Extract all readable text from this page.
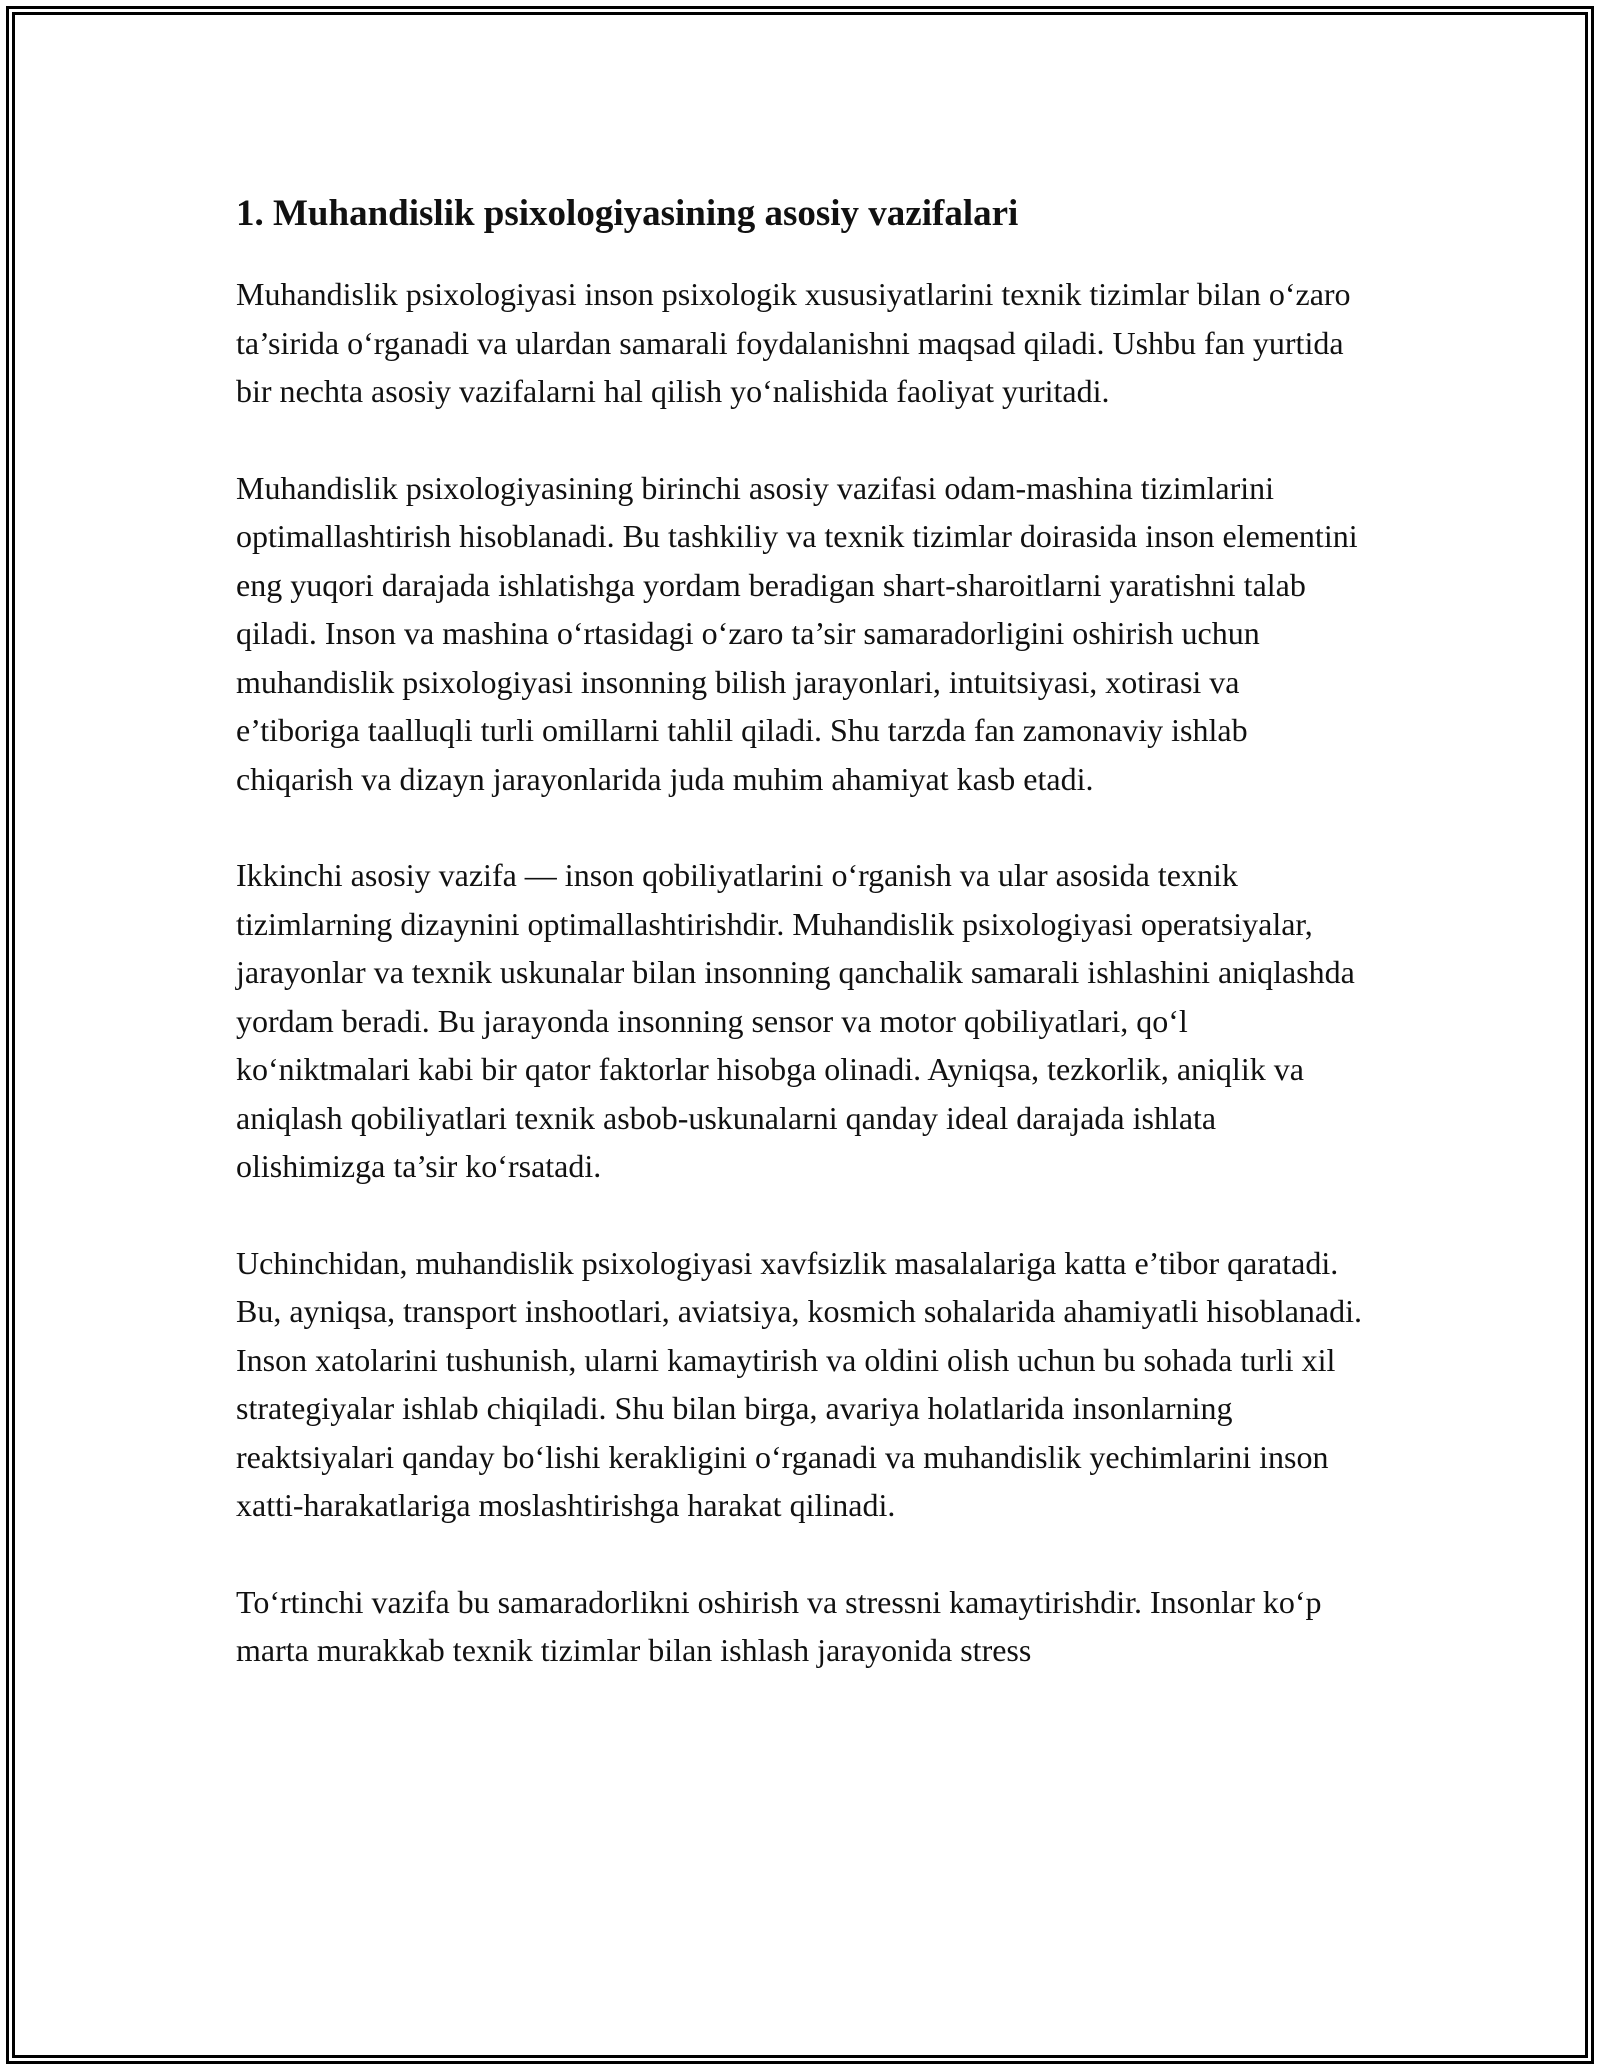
1. Muhandislik psixologiyasining asosiy vazifalari

Muhandislik psixologiyasi inson psixologik xususiyatlarini texnik tizimlar bilan o‘zaro ta’sirida o‘rganadi va ulardan samarali foydalanishni maqsad qiladi. Ushbu fan yurtida bir nechta asosiy vazifalarni hal qilish yo‘nalishida faoliyat yuritadi.

Muhandislik psixologiyasining birinchi asosiy vazifasi odam-mashina tizimlarini optimallashtirish hisoblanadi. Bu tashkiliy va texnik tizimlar doirasida inson elementini eng yuqori darajada ishlatishga yordam beradigan shart-sharoitlarni yaratishni talab qiladi. Inson va mashina o‘rtasidagi o‘zaro ta’sir samaradorligini oshirish uchun muhandislik psixologiyasi insonning bilish jarayonlari, intuitsiyasi, xotirasi va e’tiboriga taalluqli turli omillarni tahlil qiladi. Shu tarzda fan zamonaviy ishlab chiqarish va dizayn jarayonlarida juda muhim ahamiyat kasb etadi.

Ikkinchi asosiy vazifa — inson qobiliyatlarini o‘rganish va ular asosida texnik tizimlarning dizaynini optimallashtirishdir. Muhandislik psixologiyasi operatsiyalar, jarayonlar va texnik uskunalar bilan insonning qanchalik samarali ishlashini aniqlashda yordam beradi. Bu jarayonda insonning sensor va motor qobiliyatlari, qo‘l ko‘niktmalari kabi bir qator faktorlar hisobga olinadi. Ayniqsa, tezkorlik, aniqlik va aniqlash qobiliyatlari texnik asbob-uskunalarni qanday ideal darajada ishlata olishimizga ta’sir ko‘rsatadi.

Uchinchidan, muhandislik psixologiyasi xavfsizlik masalalariga katta e’tibor qaratadi. Bu, ayniqsa, transport inshootlari, aviatsiya, kosmich sohalarida ahamiyatli hisoblanadi. Inson xatolarini tushunish, ularni kamaytirish va oldini olish uchun bu sohada turli xil strategiyalar ishlab chiqiladi. Shu bilan birga, avariya holatlarida insonlarning reaktsiyalari qanday bo‘lishi kerakligini o‘rganadi va muhandislik yechimlarini inson xatti-harakatlariga moslashtirishga harakat qilinadi.

To‘rtinchi vazifa bu samaradorlikni oshirish va stressni kamaytirishdir. Insonlar ko‘p marta murakkab texnik tizimlar bilan ishlash jarayonida stress
